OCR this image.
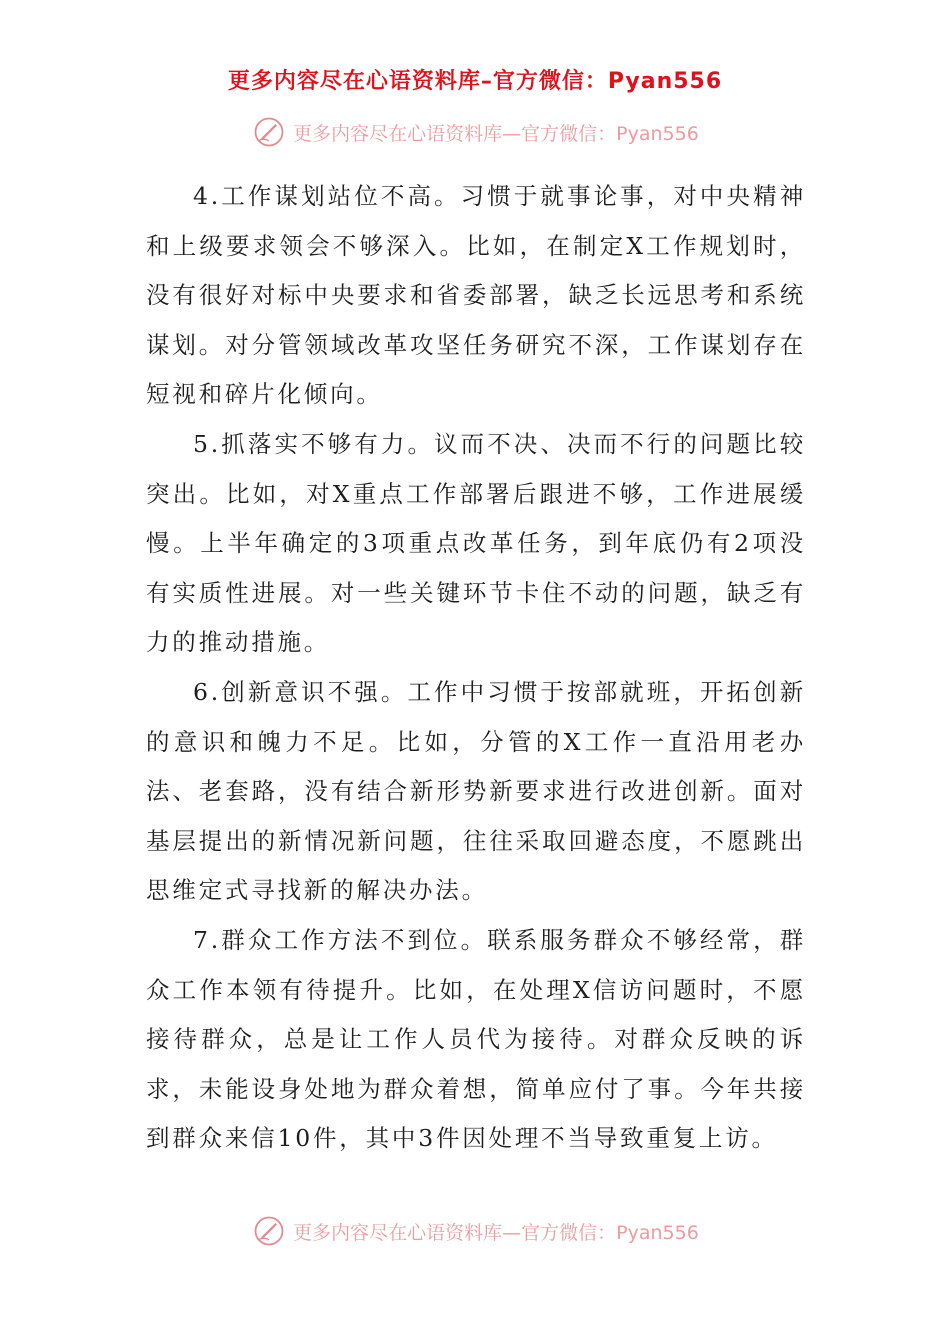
更多内容尽在心语资料库–官方微信：Pyan556
更多内容尽在心语资料库—官方微信：Pyan556

4.工作谋划站位不高。习惯于就事论事，对中央精神和上级要求领会不够深入。比如，在制定X工作规划时，没有很好对标中央要求和省委部署，缺乏长远思考和系统谋划。对分管领域改革攻坚任务研究不深，工作谋划存在短视和碎片化倾向。

5.抓落实不够有力。议而不决、决而不行的问题比较突出。比如，对X重点工作部署后跟进不够，工作进展缓慢。上半年确定的3项重点改革任务，到年底仍有2项没有实质性进展。对一些关键环节卡住不动的问题，缺乏有力的推动措施。

6.创新意识不强。工作中习惯于按部就班，开拓创新的意识和魄力不足。比如，分管的X工作一直沿用老办法、老套路，没有结合新形势新要求进行改进创新。面对基层提出的新情况新问题，往往采取回避态度，不愿跳出思维定式寻找新的解决办法。

7.群众工作方法不到位。联系服务群众不够经常，群众工作本领有待提升。比如，在处理X信访问题时，不愿接待群众，总是让工作人员代为接待。对群众反映的诉求，未能设身处地为群众着想，简单应付了事。今年共接到群众来信10件，其中3件因处理不当导致重复上访。

更多内容尽在心语资料库—官方微信：Pyan556
